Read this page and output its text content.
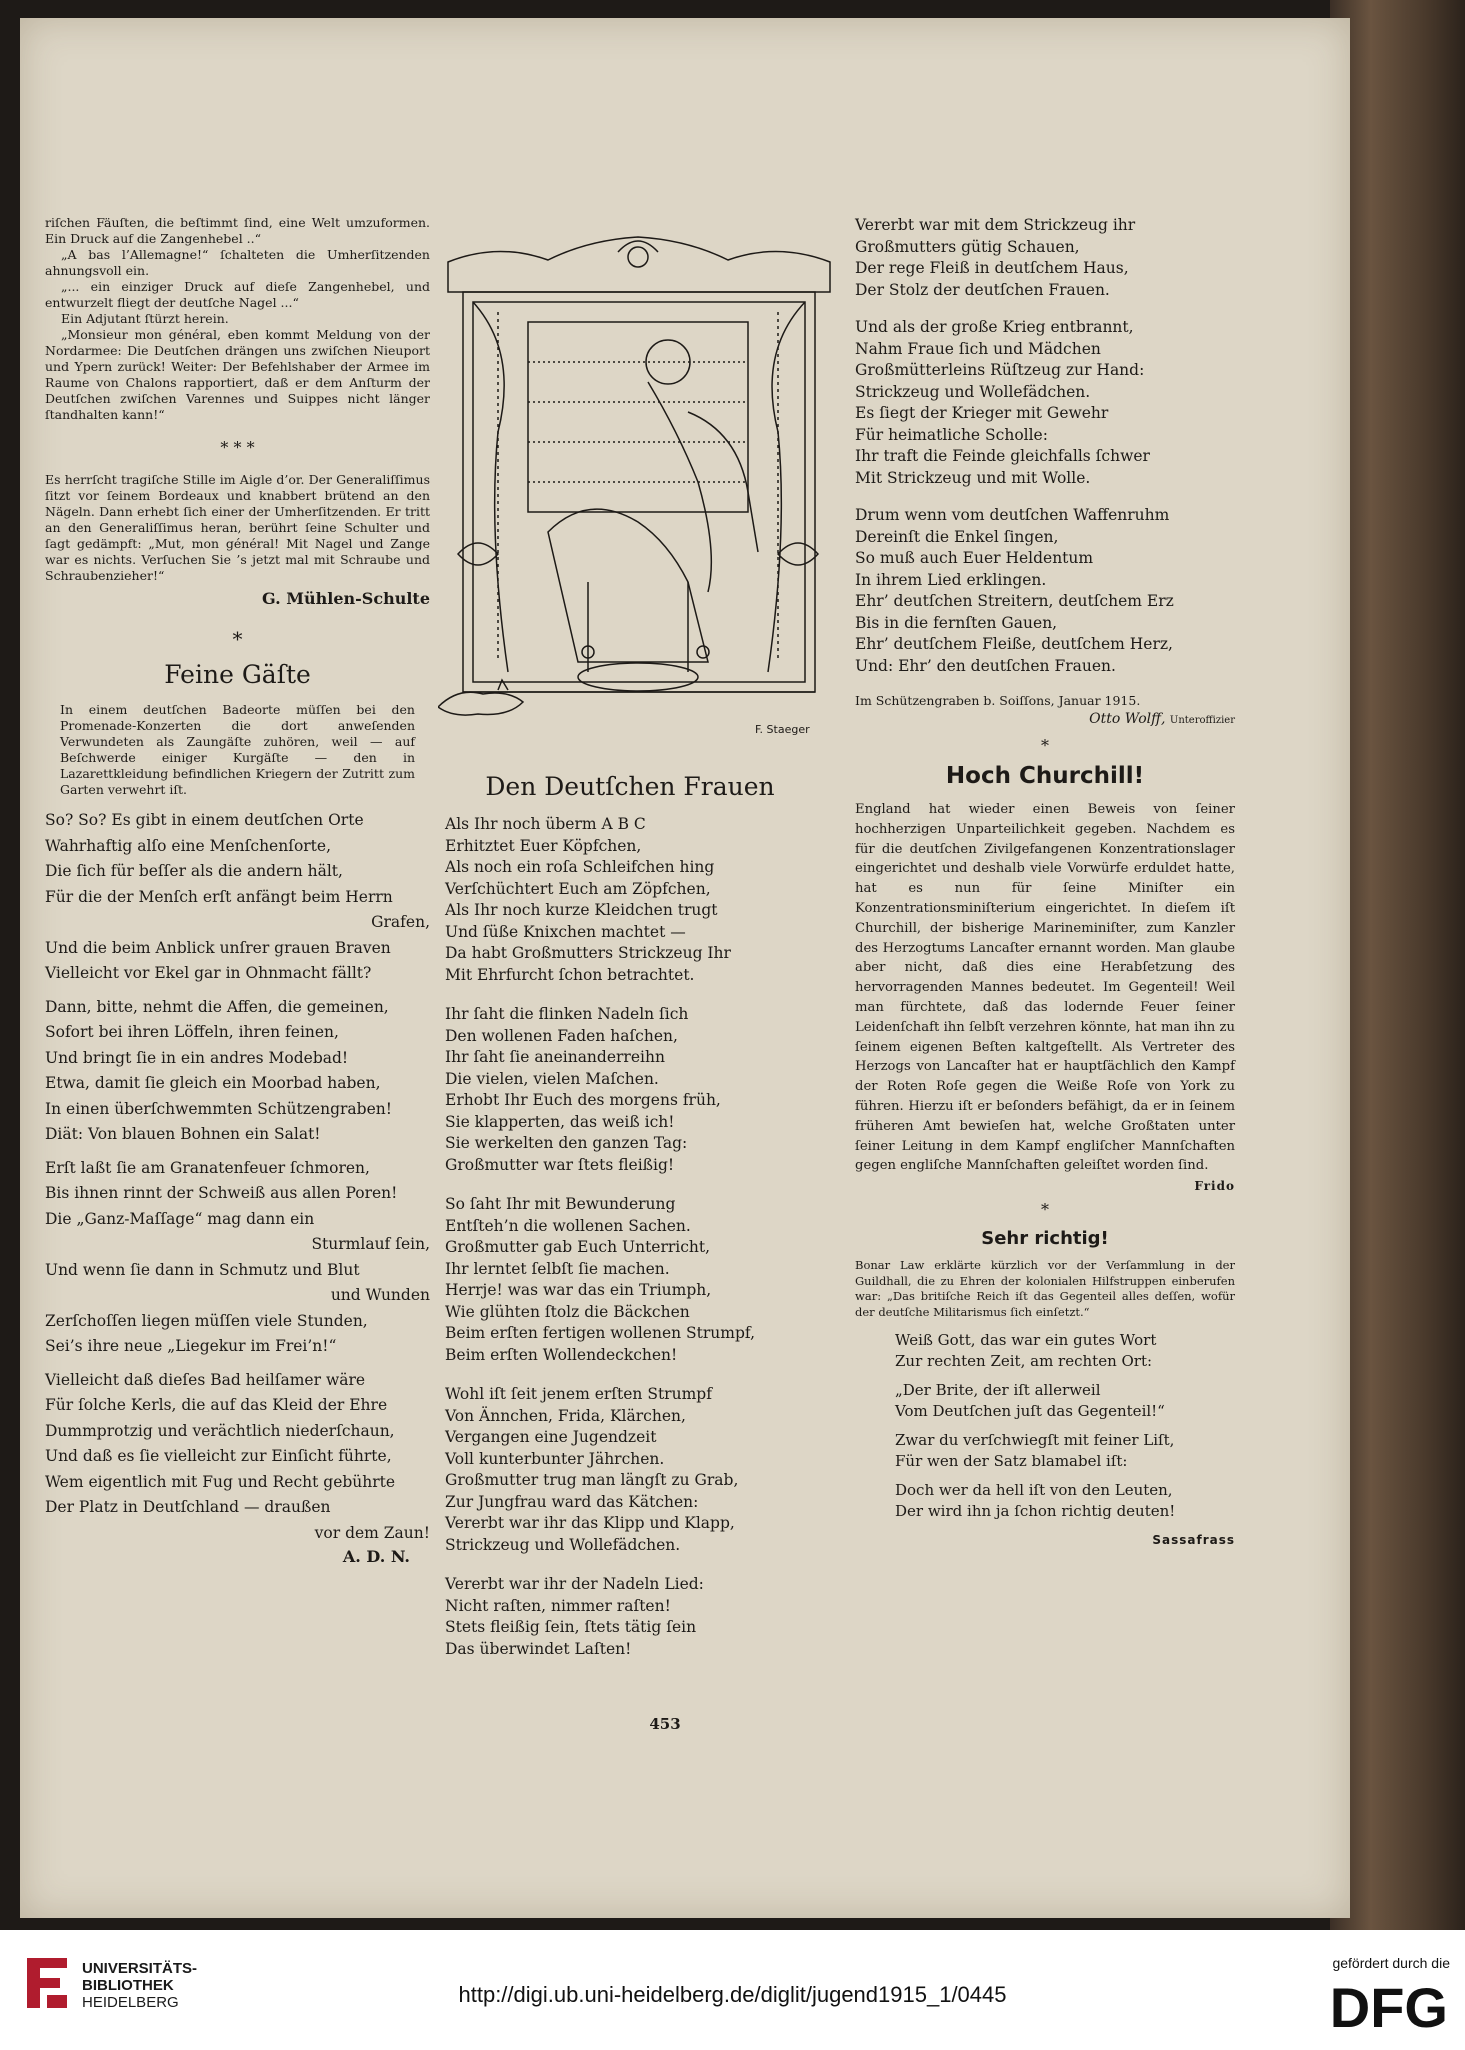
riſchen Fäuſten, die beſtimmt ſind, eine Welt umzuformen. Ein Druck auf die Zangenhebel ..“

„A bas l’Allemagne!“ ſchalteten die Umherſitzenden ahnungsvoll ein.

„... ein einziger Druck auf dieſe Zangenhebel, und entwurzelt fliegt der deutſche Nagel ...“

Ein Adjutant ſtürzt herein.

„Monsieur mon général, eben kommt Meldung von der Nordarmee: Die Deutſchen drängen uns zwiſchen Nieuport und Ypern zurück! Weiter: Der Befehlshaber der Armee im Raume von Chalons rapportiert, daß er dem Anſturm der Deutſchen zwiſchen Varennes und Suippes nicht länger ſtandhalten kann!“

* * *

Es herrſcht tragiſche Stille im Aigle d’or. Der Generaliſſimus ſitzt vor ſeinem Bordeaux und knabbert brütend an den Nägeln. Dann erhebt ſich einer der Umherſitzenden. Er tritt an den Generaliſſimus heran, berührt ſeine Schulter und ſagt gedämpft: „Mut, mon général! Mit Nagel und Zange war es nichts. Verſuchen Sie ’s jetzt mal mit Schraube und Schraubenzieher!“

G. Mühlen-Schulte

*

Feine Gäſte

In einem deutſchen Badeorte müſſen bei den Promenade-Konzerten die dort anweſenden Verwundeten als Zaungäſte zuhören, weil — auf Beſchwerde einiger Kurgäſte — den in Lazarettkleidung befindlichen Kriegern der Zutritt zum Garten verwehrt iſt.

So? So? Es gibt in einem deutſchen Orte

Wahrhaftig alſo eine Menſchenſorte,

Die ſich für beſſer als die andern hält,

Für die der Menſch erſt anfängt beim Herrn

Grafen,

Und die beim Anblick unſrer grauen Braven

Vielleicht vor Ekel gar in Ohnmacht fällt?

Dann, bitte, nehmt die Affen, die gemeinen,

Sofort bei ihren Löffeln, ihren feinen,

Und bringt ſie in ein andres Modebad!

Etwa, damit ſie gleich ein Moorbad haben,

In einen überſchwemmten Schützengraben!

Diät: Von blauen Bohnen ein Salat!

Erſt laßt ſie am Granatenfeuer ſchmoren,

Bis ihnen rinnt der Schweiß aus allen Poren!

Die „Ganz-Maſſage“ mag dann ein

Sturmlauf ſein,

Und wenn ſie dann in Schmutz und Blut

und Wunden

Zerſchoſſen liegen müſſen viele Stunden,

Sei’s ihre neue „Liegekur im Frei’n!“

Vielleicht daß dieſes Bad heilſamer wäre

Für ſolche Kerls, die auf das Kleid der Ehre

Dummprotzig und verächtlich niederſchaun,

Und daß es ſie vielleicht zur Einſicht führte,

Wem eigentlich mit Fug und Recht gebührte

Der Platz in Deutſchland — draußen

vor dem Zaun!

A. D. N.

F. Staeger

Den Deutſchen Frauen

Als Ihr noch überm A B C

Erhitztet Euer Köpfchen,

Als noch ein roſa Schleifchen hing

Verſchüchtert Euch am Zöpfchen,

Als Ihr noch kurze Kleidchen trugt

Und ſüße Knixchen machtet —

Da habt Großmutters Strickzeug Ihr

Mit Ehrfurcht ſchon betrachtet.

Ihr ſaht die flinken Nadeln ſich

Den wollenen Faden haſchen,

Ihr ſaht ſie aneinanderreihn

Die vielen, vielen Maſchen.

Erhobt Ihr Euch des morgens früh,

Sie klapperten, das weiß ich!

Sie werkelten den ganzen Tag:

Großmutter war ſtets fleißig!

So ſaht Ihr mit Bewunderung

Entſteh’n die wollenen Sachen.

Großmutter gab Euch Unterricht,

Ihr lerntet ſelbſt ſie machen.

Herrje! was war das ein Triumph,

Wie glühten ſtolz die Bäckchen

Beim erſten fertigen wollenen Strumpf,

Beim erſten Wollendeckchen!

Wohl iſt ſeit jenem erſten Strumpf

Von Ännchen, Frida, Klärchen,

Vergangen eine Jugendzeit

Voll kunterbunter Jährchen.

Großmutter trug man längſt zu Grab,

Zur Jungfrau ward das Kätchen:

Vererbt war ihr das Klipp und Klapp,

Strickzeug und Wollefädchen.

Vererbt war ihr der Nadeln Lied:

Nicht raſten, nimmer raſten!

Stets fleißig ſein, ſtets tätig ſein

Das überwindet Laſten!

Vererbt war mit dem Strickzeug ihr

Großmutters gütig Schauen,

Der rege Fleiß in deutſchem Haus,

Der Stolz der deutſchen Frauen.

Und als der große Krieg entbrannt,

Nahm Fraue ſich und Mädchen

Großmütterleins Rüſtzeug zur Hand:

Strickzeug und Wollefädchen.

Es ſiegt der Krieger mit Gewehr

Für heimatliche Scholle:

Ihr traft die Feinde gleichfalls ſchwer

Mit Strickzeug und mit Wolle.

Drum wenn vom deutſchen Waffenruhm

Dereinſt die Enkel ſingen,

So muß auch Euer Heldentum

In ihrem Lied erklingen.

Ehr’ deutſchen Streitern, deutſchem Erz

Bis in die fernſten Gauen,

Ehr’ deutſchem Fleiße, deutſchem Herz,

Und: Ehr’ den deutſchen Frauen.

Im Schützengraben b. Soiſſons, Januar 1915.

Otto Wolff, Unteroffizier

*

Hoch Churchill!

England hat wieder einen Beweis von ſeiner hochherzigen Unparteilichkeit gegeben. Nachdem es für die deutſchen Zivilgefangenen Konzentrationslager eingerichtet und deshalb viele Vorwürfe erduldet hatte, hat es nun für ſeine Miniſter ein Konzentrationsminiſterium eingerichtet. In dieſem iſt Churchill, der bisherige Marineminiſter, zum Kanzler des Herzogtums Lancaſter ernannt worden. Man glaube aber nicht, daß dies eine Herabſetzung des hervorragenden Mannes bedeutet. Im Gegenteil! Weil man fürchtete, daß das lodernde Feuer ſeiner Leidenſchaft ihn ſelbſt verzehren könnte, hat man ihn zu ſeinem eigenen Beſten kaltgeſtellt. Als Vertreter des Herzogs von Lancaſter hat er hauptſächlich den Kampf der Roten Roſe gegen die Weiße Roſe von York zu führen. Hierzu iſt er beſonders befähigt, da er in ſeinem früheren Amt bewieſen hat, welche Großtaten unter ſeiner Leitung in dem Kampf engliſcher Mannſchaften gegen engliſche Mannſchaften geleiſtet worden ſind.

Frido

*

Sehr richtig!

Bonar Law erklärte kürzlich vor der Verſammlung in der Guildhall, die zu Ehren der kolonialen Hilfstruppen einberufen war: „Das britiſche Reich iſt das Gegenteil alles deſſen, wofür der deutſche Militarismus ſich einſetzt.“

Weiß Gott, das war ein gutes Wort

Zur rechten Zeit, am rechten Ort:

„Der Brite, der iſt allerweil

Vom Deutſchen juſt das Gegenteil!“

Zwar du verſchwiegſt mit feiner Liſt,

Für wen der Satz blamabel iſt:

Doch wer da hell iſt von den Leuten,

Der wird ihn ja ſchon richtig deuten!

Sassafrass

453
UNIVERSITÄTS-
BIBLIOTHEK
HEIDELBERG	http://digi.ub.uni-heidelberg.de/diglit/jugend1915_1/0445
gefördert durch die
DFG
